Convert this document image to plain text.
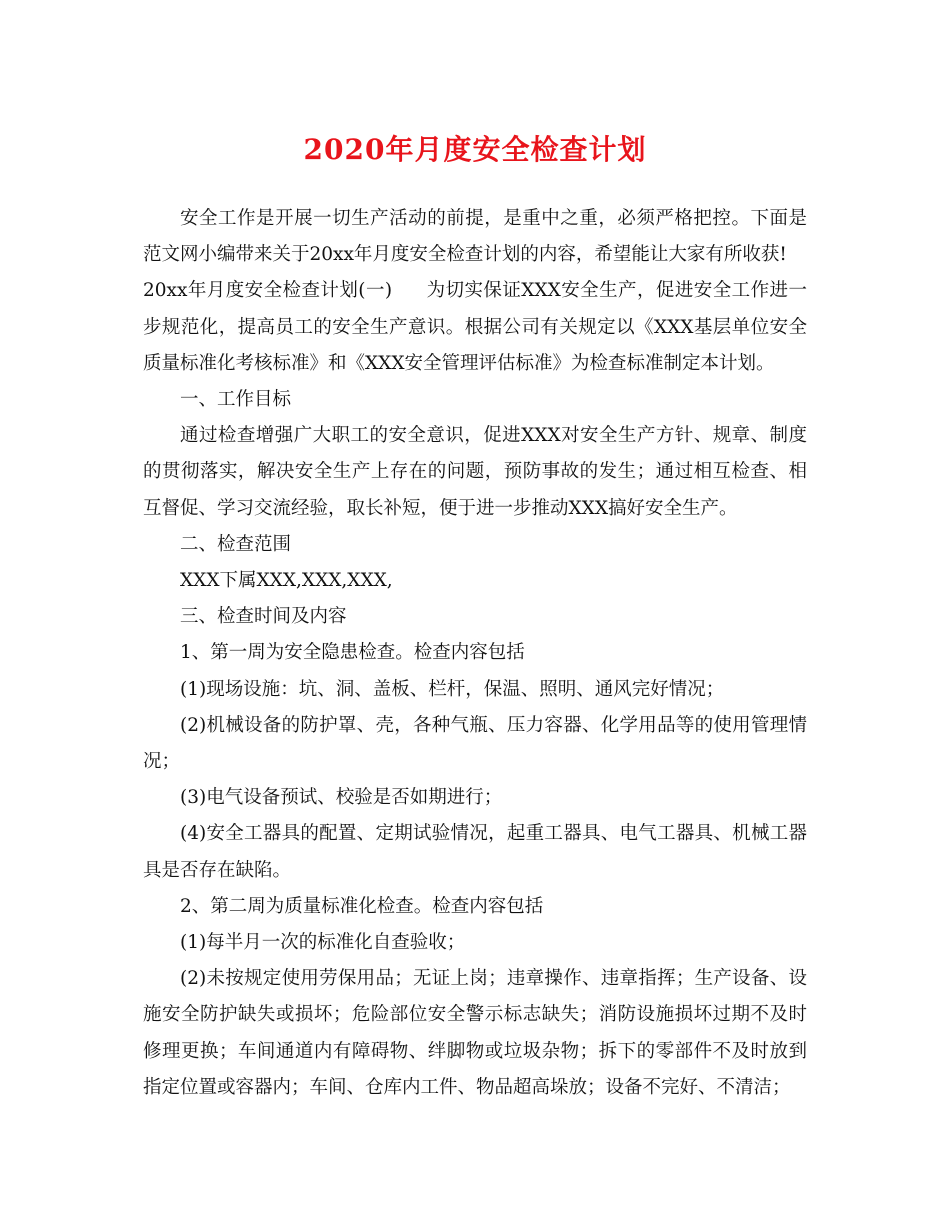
2020年月度安全检查计划

安全工作是开展一切生产活动的前提，是重中之重，必须严格把控。下面是范文网小编带来关于20xx年月度安全检查计划的内容，希望能让大家有所收获!

20xx年月度安全检查计划(一) 为切实保证XXX安全生产，促进安全工作进一步规范化，提高员工的安全生产意识。根据公司有关规定以《XXX基层单位安全质量标准化考核标准》和《XXX安全管理评估标准》为检查标准制定本计划。

一、工作目标

通过检查增强广大职工的安全意识，促进XXX对安全生产方针、规章、制度的贯彻落实，解决安全生产上存在的问题，预防事故的发生；通过相互检查、相互督促、学习交流经验，取长补短，便于进一步推动XXX搞好安全生产。

二、检查范围

XXX下属XXX,XXX,XXX,

三、检查时间及内容

1、第一周为安全隐患检查。检查内容包括

(1)现场设施：坑、洞、盖板、栏杆，保温、照明、通风完好情况；

(2)机械设备的防护罩、壳，各种气瓶、压力容器、化学用品等的使用管理情况；

(3)电气设备预试、校验是否如期进行；

(4)安全工器具的配置、定期试验情况，起重工器具、电气工器具、机械工器具是否存在缺陷。

2、第二周为质量标准化检查。检查内容包括

(1)每半月一次的标准化自查验收；

(2)未按规定使用劳保用品；无证上岗；违章操作、违章指挥；生产设备、设施安全防护缺失或损坏；危险部位安全警示标志缺失；消防设施损坏过期不及时修理更换；车间通道内有障碍物、绊脚物或垃圾杂物；拆下的零部件不及时放到指定位置或容器内；车间、仓库内工件、物品超高垛放；设备不完好、不清洁；
